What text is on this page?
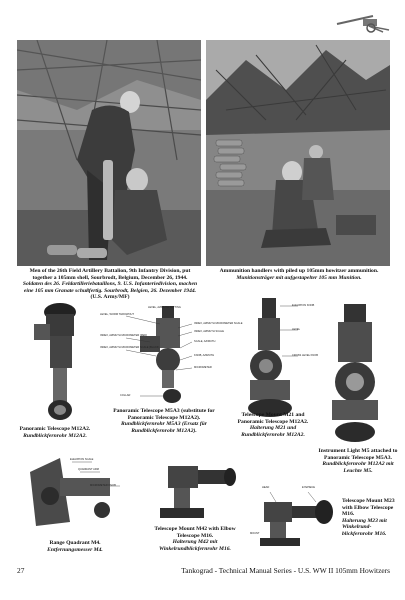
Men of the 26th Field Artillery Battalion, 9th Infantry Division, put together a 105mm shell, Sourbrodt, Belgium, December 26, 1944.
Soldaten des 26. Feldartilleriebataillons, 9. U.S. Infanteriedivision, machen eine 105 mm Granate schußfertig. Sourbrodt, Belgien, 26. Dezember 1944.
(U.S. Army/MF)
Ammunition handlers with piled up 105mm howitzer ammunition.
Munitionsträger mit aufgestapelter 105 mm Munition.
Panoramic Telescope M12A2.
Rundblickfernrohr M12A2.
LEVEL, AZIMUTH SETTING
LEVEL, WORM THROWOUT
INDEX, AZIMUTH MICROMETER SCALE
INDEX, AZIMUTH SCALE
INDEX, AZIMUTH MICROMETER (RED)
SCALE, AZIMUTH
KNOB, AZIMUTH
INDEX, AZIMUTH MICROMETER SCALE (BLACK)
MICROMETER
COLLAR
Panoramic Telescope M5A3 (substitute for Panoramic Telescope M12A2).
Rundblickfernrohr M5A3 (Ersatz für Rundblickfernrohr M12A2).
ELEVATION KNOB
LEVEL
CROSS LEVEL KNOB
Telescope Mount M21 and Panoramic Telescope M12A2.
Halterung M21 und Rundblickfernrohr M12A2.
Instrument Light M5 attached to Panoramic Telescope M5A3.
Rundblickfernrohr M12A2 mit Leuchte M5.
ELEVATION SCALE
QUADRANT ARM
MICROMETER KNOB
Range Quadrant M4.
Entfernungsmesser M4.
Telescope Mount M42 with Elbow Telescope M16.
Halterung M42 mit Winkelrundblickfernrohr M16.
HEAD	EYEPIECE
MOUNT
Telescope Mount M23 with Elbow Telescope M16.
Halterung M23 mit Winkelrund-blickfernrohr M16.
27	Tankograd - Technical Manual Series - U.S. WW II 105mm Howitzers
